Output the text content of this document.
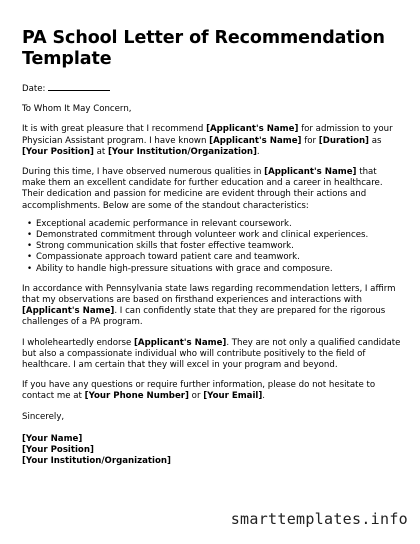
PA School Letter of Recommendation Template

Date:

To Whom It May Concern,

It is with great pleasure that I recommend [Applicant's Name] for admission to your Physician Assistant program. I have known [Applicant's Name] for [Duration] as [Your Position] at [Your Institution/Organization].

During this time, I have observed numerous qualities in [Applicant's Name] that make them an excellent candidate for further education and a career in healthcare. Their dedication and passion for medicine are evident through their actions and accomplishments. Below are some of the standout characteristics:

• Exceptional academic performance in relevant coursework.
• Demonstrated commitment through volunteer work and clinical experiences.
• Strong communication skills that foster effective teamwork.
• Compassionate approach toward patient care and teamwork.
• Ability to handle high-pressure situations with grace and composure.

In accordance with Pennsylvania state laws regarding recommendation letters, I affirm that my observations are based on firsthand experiences and interactions with [Applicant's Name]. I can confidently state that they are prepared for the rigorous challenges of a PA program.

I wholeheartedly endorse [Applicant's Name]. They are not only a qualified candidate but also a compassionate individual who will contribute positively to the field of healthcare. I am certain that they will excel in your program and beyond.

If you have any questions or require further information, please do not hesitate to contact me at [Your Phone Number] or [Your Email].

Sincerely,

[Your Name]

[Your Position]

[Your Institution/Organization]

smarttemplates.info
